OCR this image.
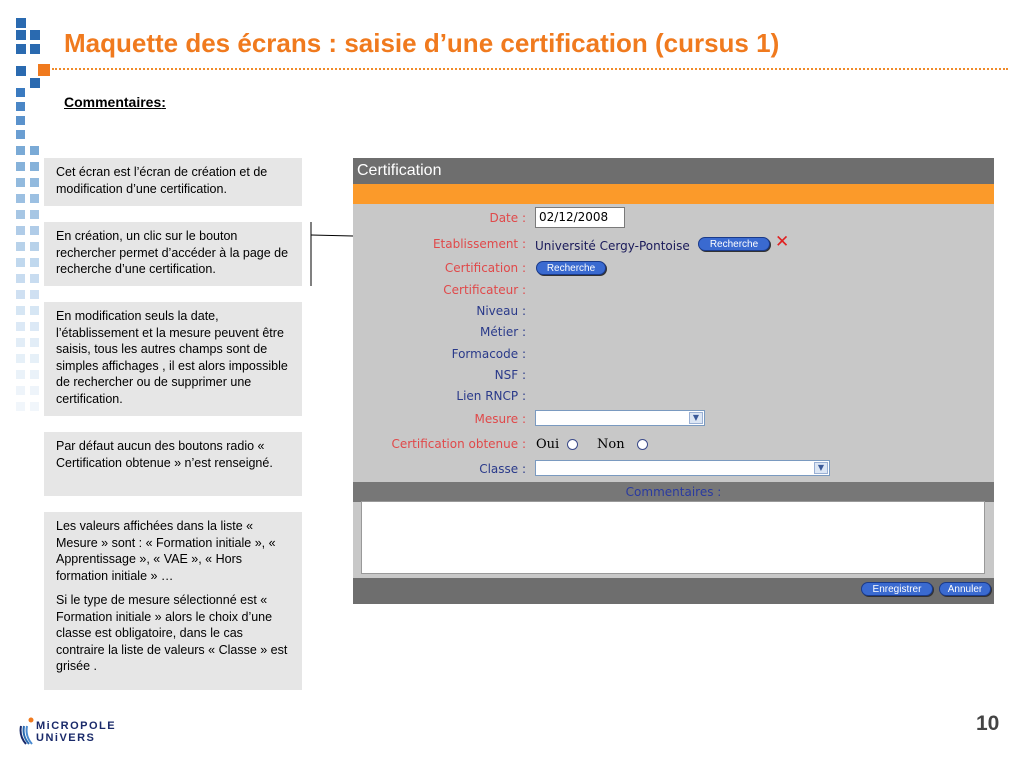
Maquette des écrans : saisie d’une certification (cursus 1)
Commentaires:

Cet écran est l’écran de création et de modification d’une certification.

En création, un clic sur le bouton rechercher permet d’accéder à la page de recherche d’une certification.

En modification seuls la date, l’établissement et la mesure peuvent être saisis, tous les autres champs sont de simples affichages , il est alors impossible de rechercher ou de supprimer une certification.

Par défaut aucun des boutons radio « Certification obtenue » n’est renseigné.

Les valeurs affichées dans la liste « Mesure » sont : « Formation initiale », « Apprentissage », « VAE », « Hors formation initiale » …

Si le type de mesure sélectionné est « Formation initiale » alors le choix d’une classe est obligatoire, dans le cas contraire la liste de valeurs « Classe » est grisée .

Certification
Date :	02/12/2008
Etablissement : Université Cergy-Pontoise	Recherche ✕
Certification :	Recherche
Certificateur :
Niveau :
Métier :
Formacode :
NSF :
Lien RNCP :
Mesure :	▼
Certification obtenue : Oui	Non
Classe :	▼
Commentaires :
Enregistrer	Annuler
MiCROPOLE
UNiVERS
10
